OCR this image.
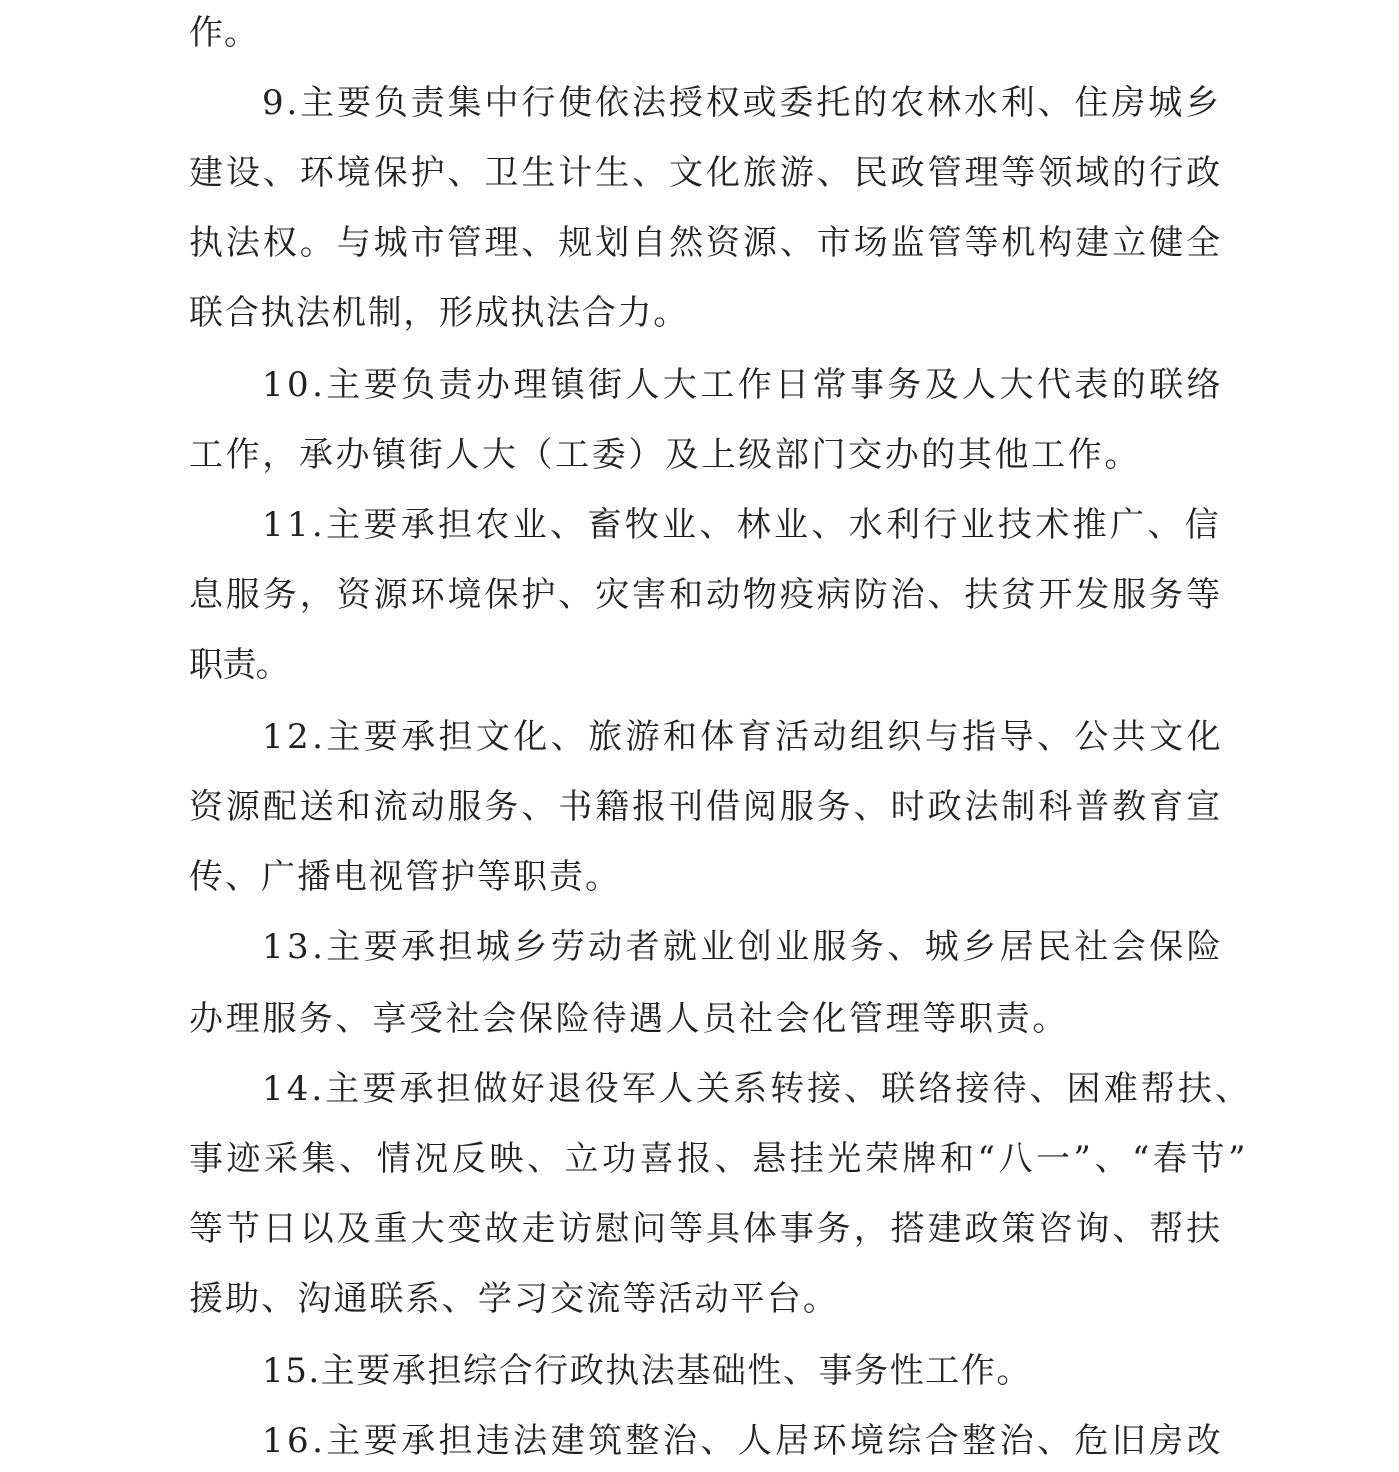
作。

9.主要负责集中行使依法授权或委托的农林水利、住房城乡

建设、环境保护、卫生计生、文化旅游、民政管理等领域的行政

执法权。与城市管理、规划自然资源、市场监管等机构建立健全

联合执法机制，形成执法合力。

10.主要负责办理镇街人大工作日常事务及人大代表的联络

工作，承办镇街人大（工委）及上级部门交办的其他工作。

11.主要承担农业、畜牧业、林业、水利行业技术推广、信

息服务，资源环境保护、灾害和动物疫病防治、扶贫开发服务等

职责。

12.主要承担文化、旅游和体育活动组织与指导、公共文化

资源配送和流动服务、书籍报刊借阅服务、时政法制科普教育宣

传、广播电视管护等职责。

13.主要承担城乡劳动者就业创业服务、城乡居民社会保险

办理服务、享受社会保险待遇人员社会化管理等职责。

14.主要承担做好退役军人关系转接、联络接待、困难帮扶、

事迹采集、情况反映、立功喜报、悬挂光荣牌和“八一”、“春节”

等节日以及重大变故走访慰问等具体事务，搭建政策咨询、帮扶

援助、沟通联系、学习交流等活动平台。

15.主要承担综合行政执法基础性、事务性工作。

16.主要承担违法建筑整治、人居环境综合整治、危旧房改
